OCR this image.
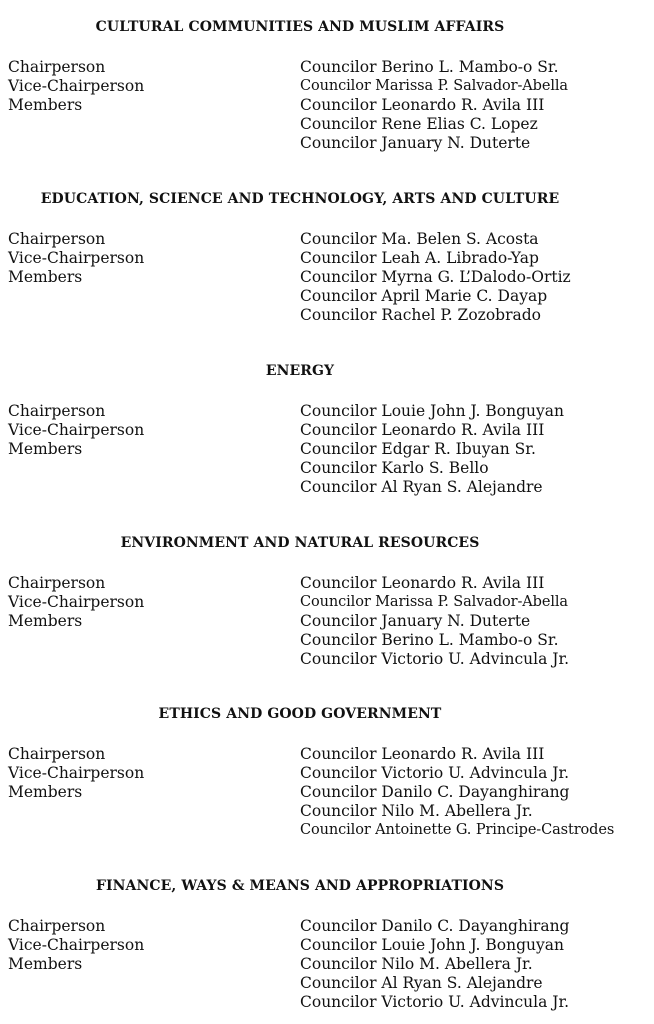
CULTURAL COMMUNITIES AND MUSLIM AFFAIRS
Chairperson	Councilor Berino L. Mambo-o Sr.
Vice-Chairperson	Councilor Marissa P. Salvador-Abella
Members	Councilor Leonardo R. Avila III
Councilor Rene Elias C. Lopez
Councilor January N. Duterte
EDUCATION, SCIENCE AND TECHNOLOGY, ARTS AND CULTURE
Chairperson	Councilor Ma. Belen S. Acosta
Vice-Chairperson	Councilor Leah A. Librado-Yap
Members	Councilor Myrna G. L’Dalodo-Ortiz
Councilor April Marie C. Dayap
Councilor Rachel P. Zozobrado
ENERGY
Chairperson	Councilor Louie John J. Bonguyan
Vice-Chairperson	Councilor Leonardo R. Avila III
Members	Councilor Edgar R. Ibuyan Sr.
Councilor Karlo S. Bello
Councilor Al Ryan S. Alejandre
ENVIRONMENT AND NATURAL RESOURCES
Chairperson	Councilor Leonardo R. Avila III
Vice-Chairperson	Councilor Marissa P. Salvador-Abella
Members	Councilor January N. Duterte
Councilor Berino L. Mambo-o Sr.
Councilor Victorio U. Advincula Jr.
ETHICS AND GOOD GOVERNMENT
Chairperson	Councilor Leonardo R. Avila III
Vice-Chairperson	Councilor Victorio U. Advincula Jr.
Members	Councilor Danilo C. Dayanghirang
Councilor Nilo M. Abellera Jr.
Councilor Antoinette G. Principe-Castrodes
FINANCE, WAYS & MEANS AND APPROPRIATIONS
Chairperson	Councilor Danilo C. Dayanghirang
Vice-Chairperson	Councilor Louie John J. Bonguyan
Members	Councilor Nilo M. Abellera Jr.
Councilor Al Ryan S. Alejandre
Councilor Victorio U. Advincula Jr.
